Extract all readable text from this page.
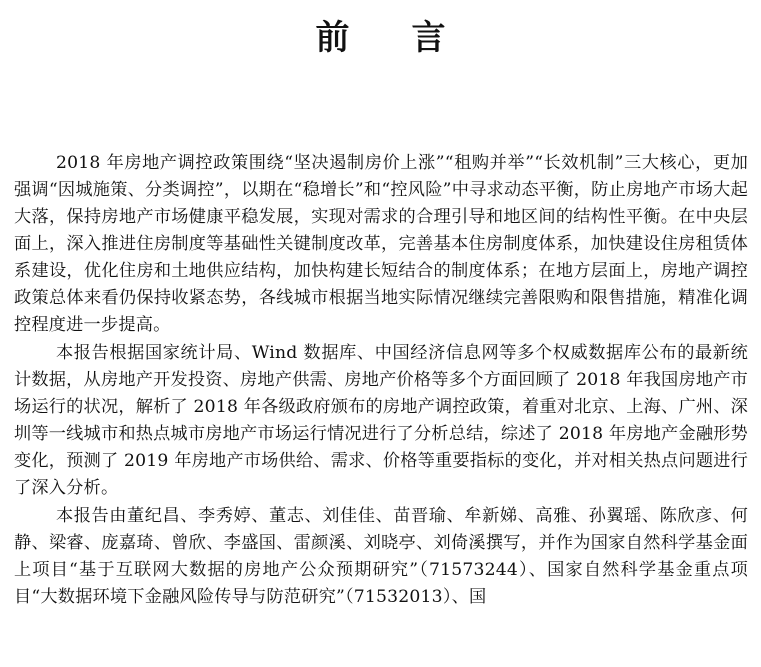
前言

2018 年房地产调控政策围绕“坚决遏制房价上涨”“租购并举”“长效机制”三大核心，更加强调“因城施策、分类调控”，以期在“稳增长”和“控风险”中寻求动态平衡，防止房地产市场大起大落，保持房地产市场健康平稳发展，实现对需求的合理引导和地区间的结构性平衡。在中央层面上，深入推进住房制度等基础性关键制度改革，完善基本住房制度体系，加快建设住房租赁体系建设，优化住房和土地供应结构，加快构建长短结合的制度体系；在地方层面上，房地产调控政策总体来看仍保持收紧态势，各线城市根据当地实际情况继续完善限购和限售措施，精准化调控程度进一步提高。

本报告根据国家统计局、Wind 数据库、中国经济信息网等多个权威数据库公布的最新统计数据，从房地产开发投资、房地产供需、房地产价格等多个方面回顾了 2018 年我国房地产市场运行的状况，解析了 2018 年各级政府颁布的房地产调控政策，着重对北京、上海、广州、深圳等一线城市和热点城市房地产市场运行情况进行了分析总结，综述了 2018 年房地产金融形势变化，预测了 2019 年房地产市场供给、需求、价格等重要指标的变化，并对相关热点问题进行了深入分析。

本报告由董纪昌、李秀婷、董志、刘佳佳、苗晋瑜、牟新娣、高雅、孙翼瑶、陈欣彦、何静、梁睿、庞嘉琦、曾欣、李盛国、雷颜溪、刘晓亭、刘倚溪撰写，并作为国家自然科学基金面上项目“基于互联网大数据的房地产公众预期研究”（71573244）、国家自然科学基金重点项目“大数据环境下金融风险传导与防范研究”（71532013）、国
